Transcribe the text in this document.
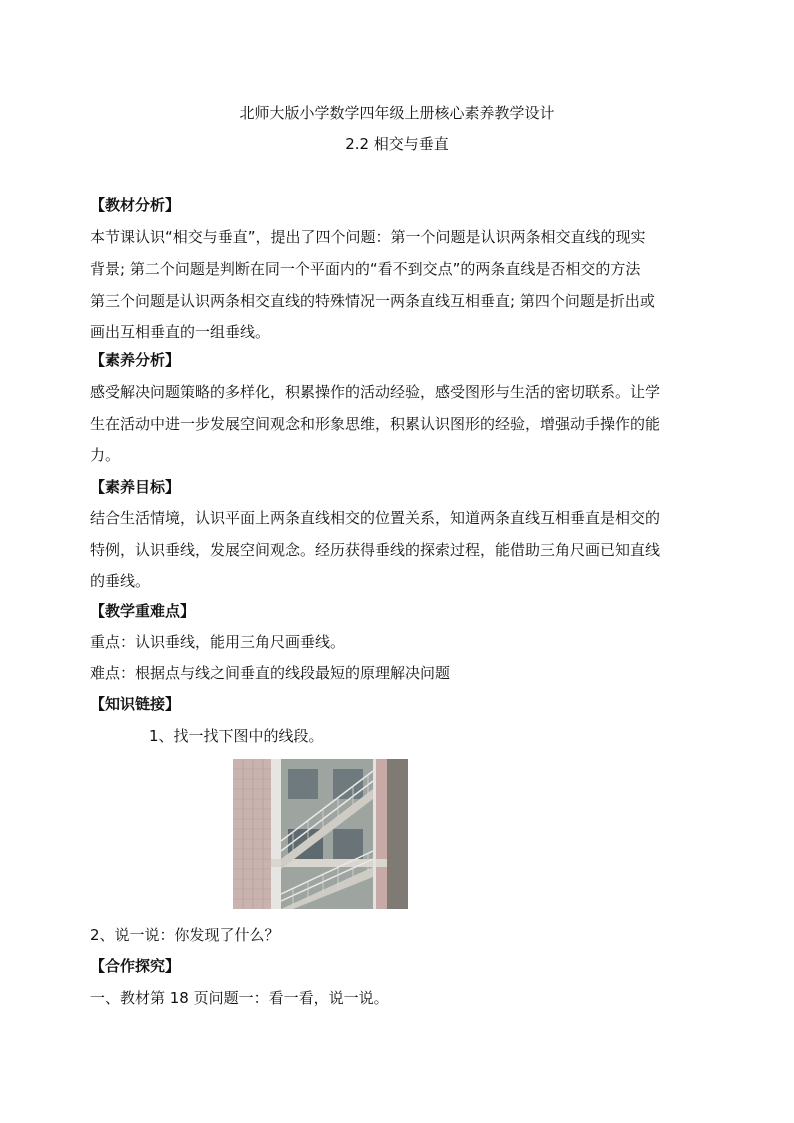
北师大版小学数学四年级上册核心素养教学设计
2.2 相交与垂直
【教材分析】
本节课认识“相交与垂直”，提出了四个问题：第一个问题是认识两条相交直线的现实
背景; 第二个问题是判断在同一个平面内的“看不到交点”的两条直线是否相交的方法
第三个问题是认识两条相交直线的特殊情况一两条直线互相垂直; 第四个问题是折出或
画出互相垂直的一组垂线。
【素养分析】
感受解决问题策略的多样化，积累操作的活动经验，感受图形与生活的密切联系。让学
生在活动中进一步发展空间观念和形象思维，积累认识图形的经验，增强动手操作的能
力。
【素养目标】
结合生活情境，认识平面上两条直线相交的位置关系，知道两条直线互相垂直是相交的
特例，认识垂线，发展空间观念。经历获得垂线的探索过程，能借助三角尺画已知直线
的垂线。
【教学重难点】
重点：认识垂线，能用三角尺画垂线。
难点：根据点与线之间垂直的线段最短的原理解决问题
【知识链接】
1、找一找下图中的线段。
2、说一说：你发现了什么？
【合作探究】
一、教材第 18 页问题一：看一看，说一说。
